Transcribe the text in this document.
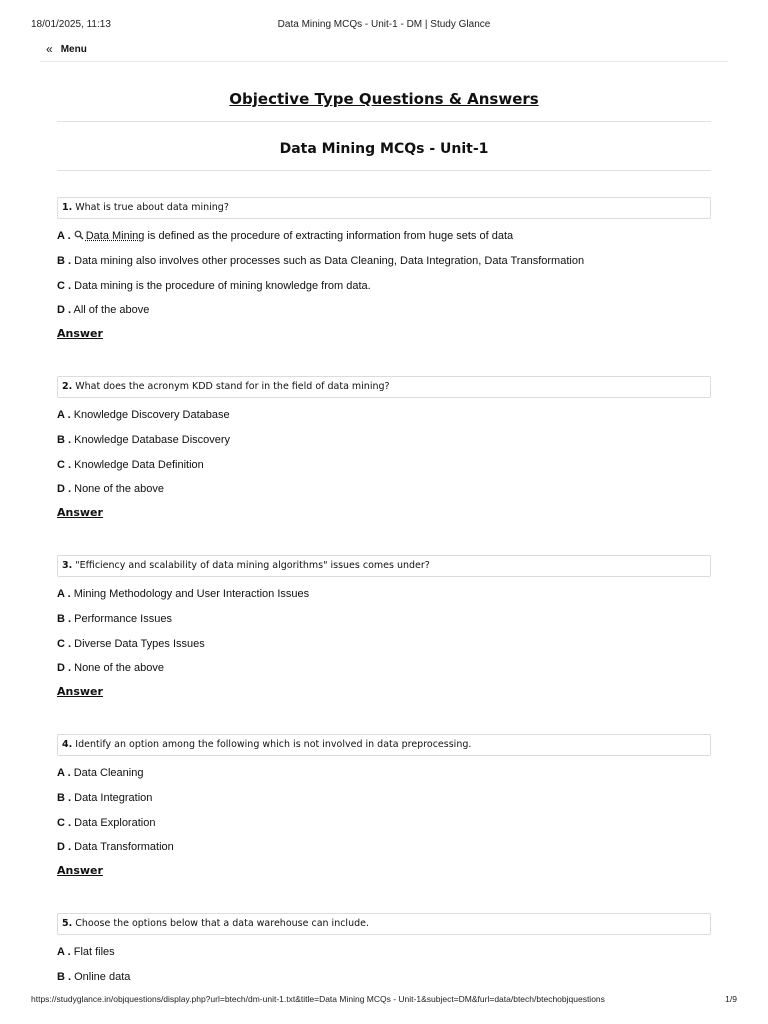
18/01/2025, 11:13	Data Mining MCQs - Unit-1 - DM | Study Glance
« Menu
Objective Type Questions & Answers
Data Mining MCQs - Unit-1
1. What is true about data mining?
A . Data Mining is defined as the procedure of extracting information from huge sets of data
B . Data mining also involves other processes such as Data Cleaning, Data Integration, Data Transformation
C . Data mining is the procedure of mining knowledge from data.
D . All of the above
Answer
2. What does the acronym KDD stand for in the field of data mining?
A . Knowledge Discovery Database
B . Knowledge Database Discovery
C . Knowledge Data Definition
D . None of the above
Answer
3. "Efficiency and scalability of data mining algorithms" issues comes under?
A . Mining Methodology and User Interaction Issues
B . Performance Issues
C . Diverse Data Types Issues
D . None of the above
Answer
4. Identify an option among the following which is not involved in data preprocessing.
A . Data Cleaning
B . Data Integration
C . Data Exploration
D . Data Transformation
Answer
5. Choose the options below that a data warehouse can include.
A . Flat files
B . Online data
https://studyglance.in/objquestions/display.php?url=btech/dm-unit-1.txt&title=Data Mining MCQs - Unit-1&subject=DM&furl=data/btech/btechobjquestions	1/9
